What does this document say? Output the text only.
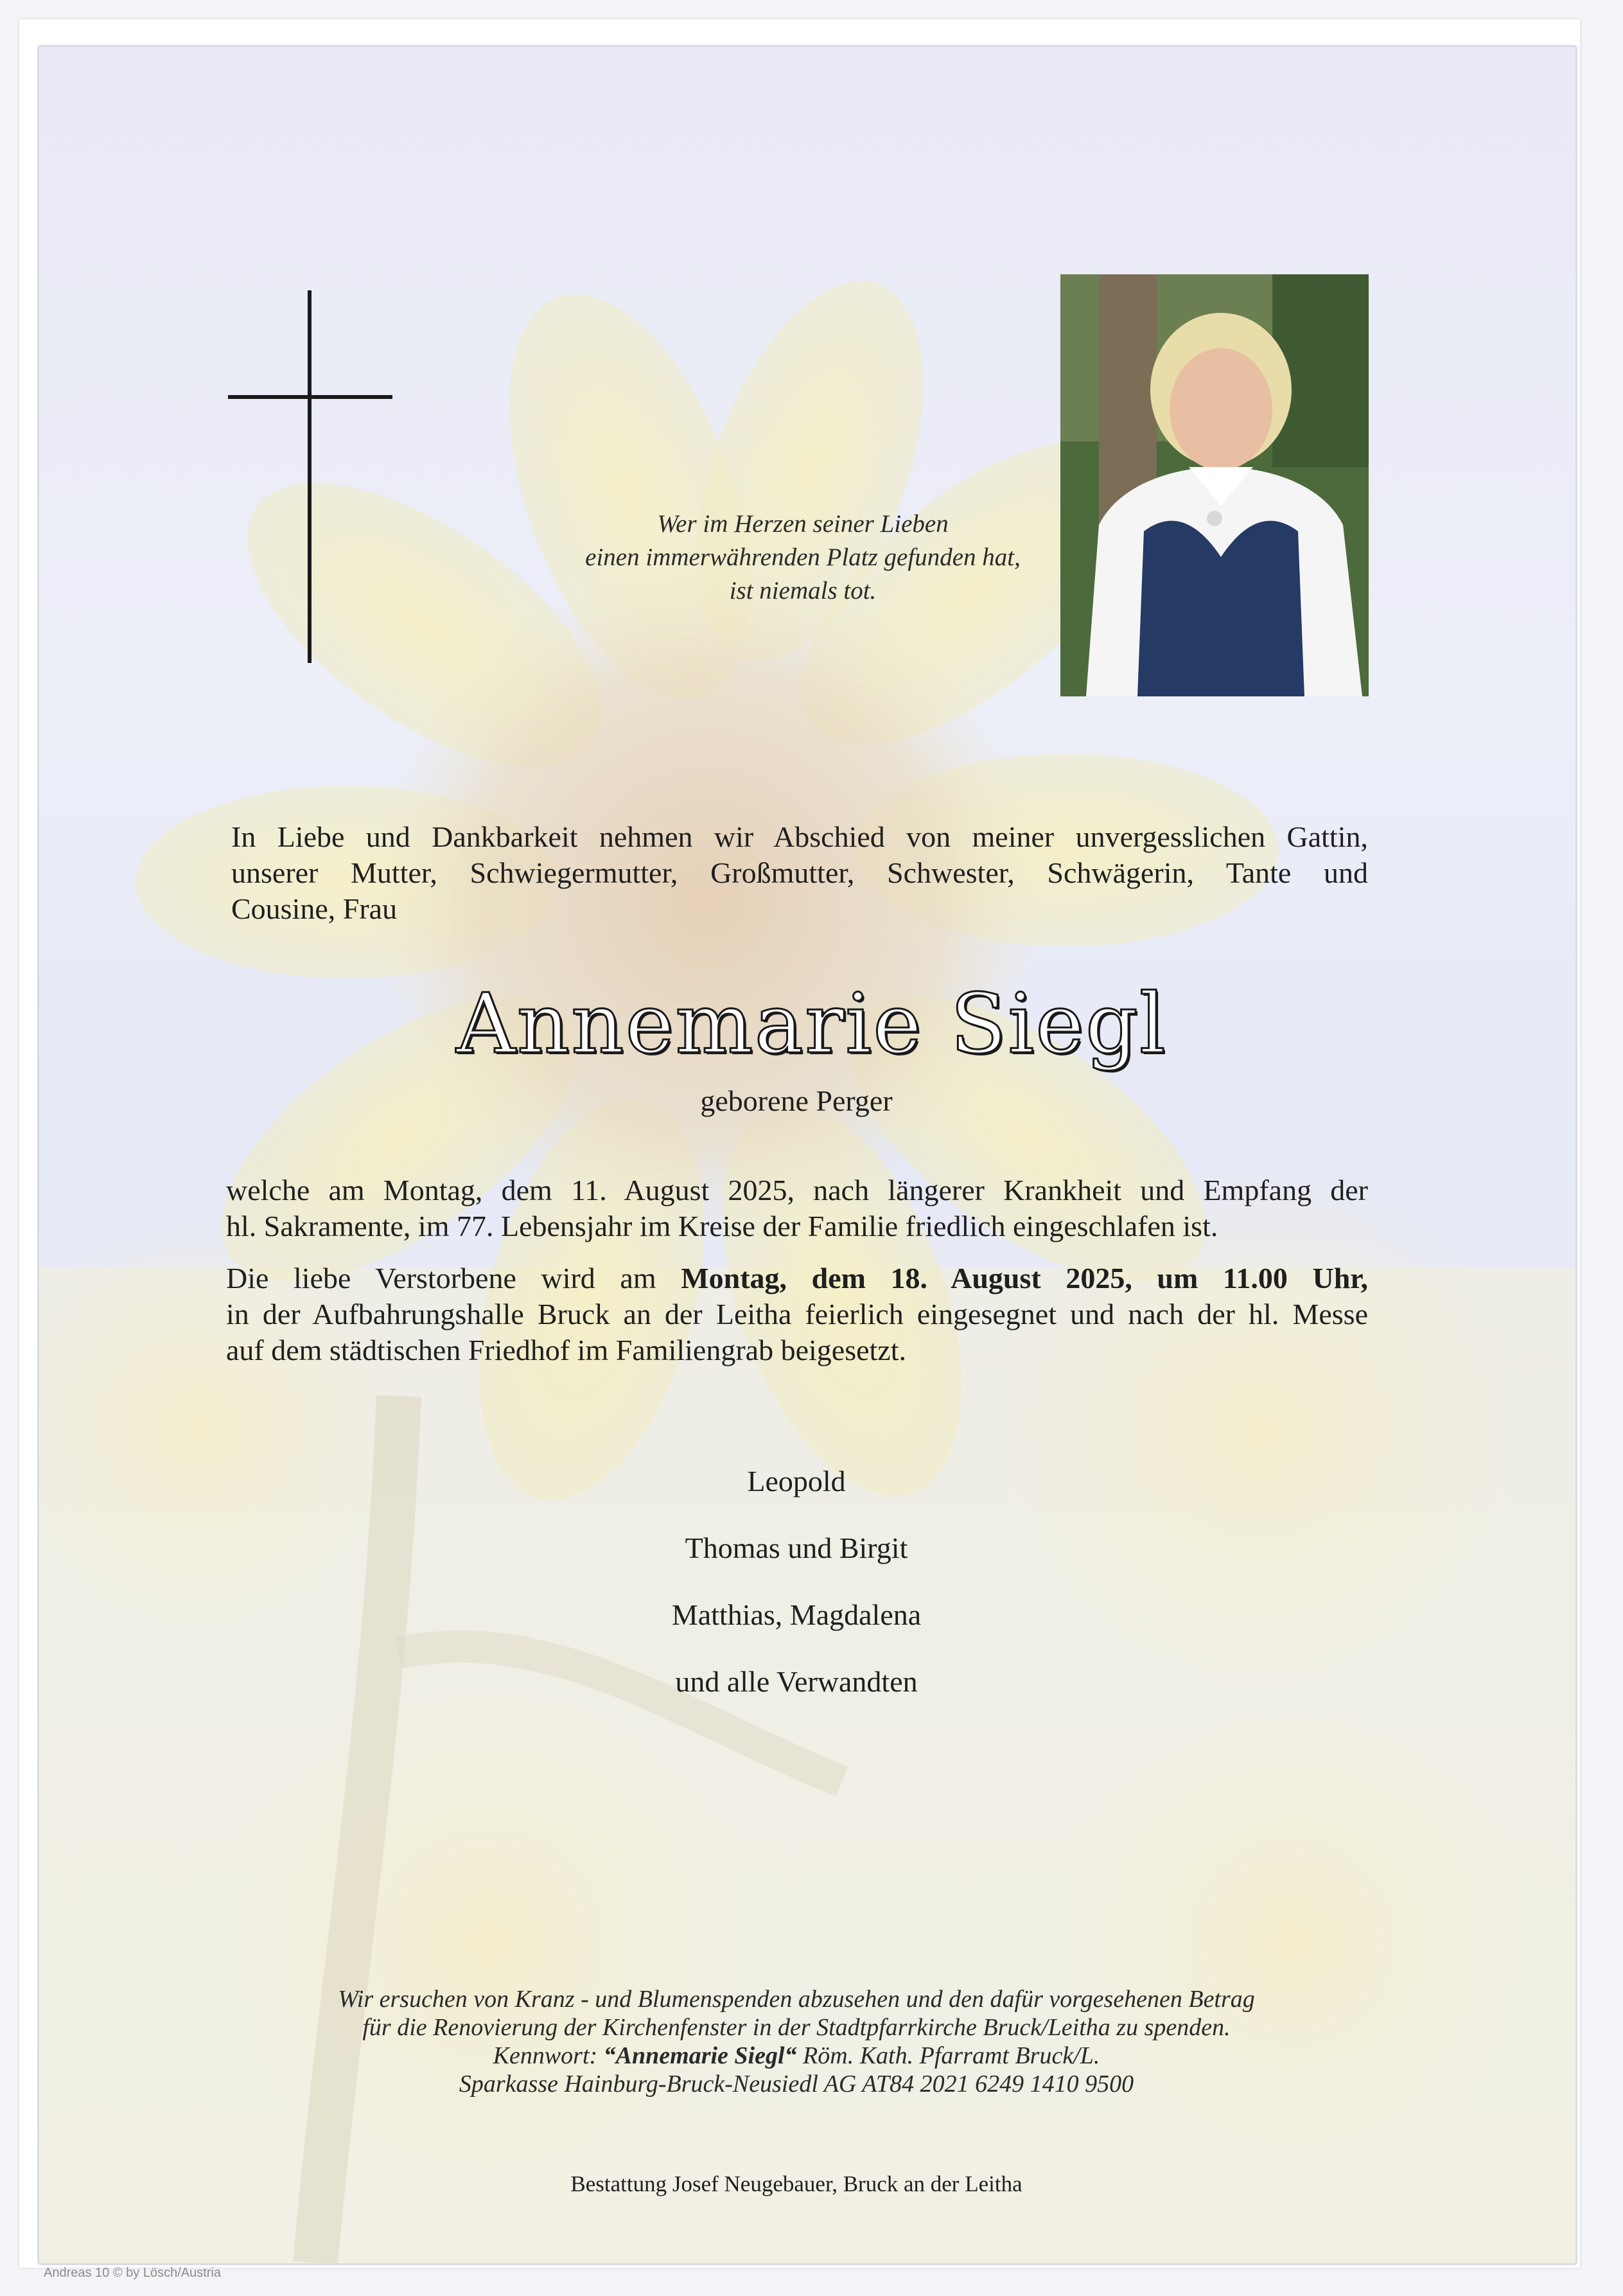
Wer im Herzen seiner Lieben
einen immerwährenden Platz gefunden hat,
ist niemals tot.
In Liebe und Dankbarkeit nehmen wir Abschied von meiner unvergesslichen Gattin,
unserer Mutter, Schwiegermutter, Großmutter, Schwester, Schwägerin, Tante und
Cousine, Frau
Annemarie Siegl
geborene Perger
welche am Montag, dem 11. August 2025, nach längerer Krankheit und Empfang der
hl. Sakramente, im 77. Lebensjahr im Kreise der Familie friedlich eingeschlafen ist.
Die liebe Verstorbene wird am Montag, dem 18. August 2025, um 11.00 Uhr,
in der Aufbahrungshalle Bruck an der Leitha feierlich eingesegnet und nach der hl. Messe
auf dem städtischen Friedhof im Familiengrab beigesetzt.
Leopold
Thomas und Birgit
Matthias, Magdalena
und alle Verwandten
Wir ersuchen von Kranz - und Blumenspenden abzusehen und den dafür vorgesehenen Betrag
für die Renovierung der Kirchenfenster in der Stadtpfarrkirche Bruck/Leitha zu spenden.
Kennwort: “Annemarie Siegl“ Röm. Kath. Pfarramt Bruck/L.
Sparkasse Hainburg-Bruck-Neusiedl AG AT84 2021 6249 1410 9500
Bestattung Josef Neugebauer, Bruck an der Leitha
Andreas 10 © by Lösch/Austria
